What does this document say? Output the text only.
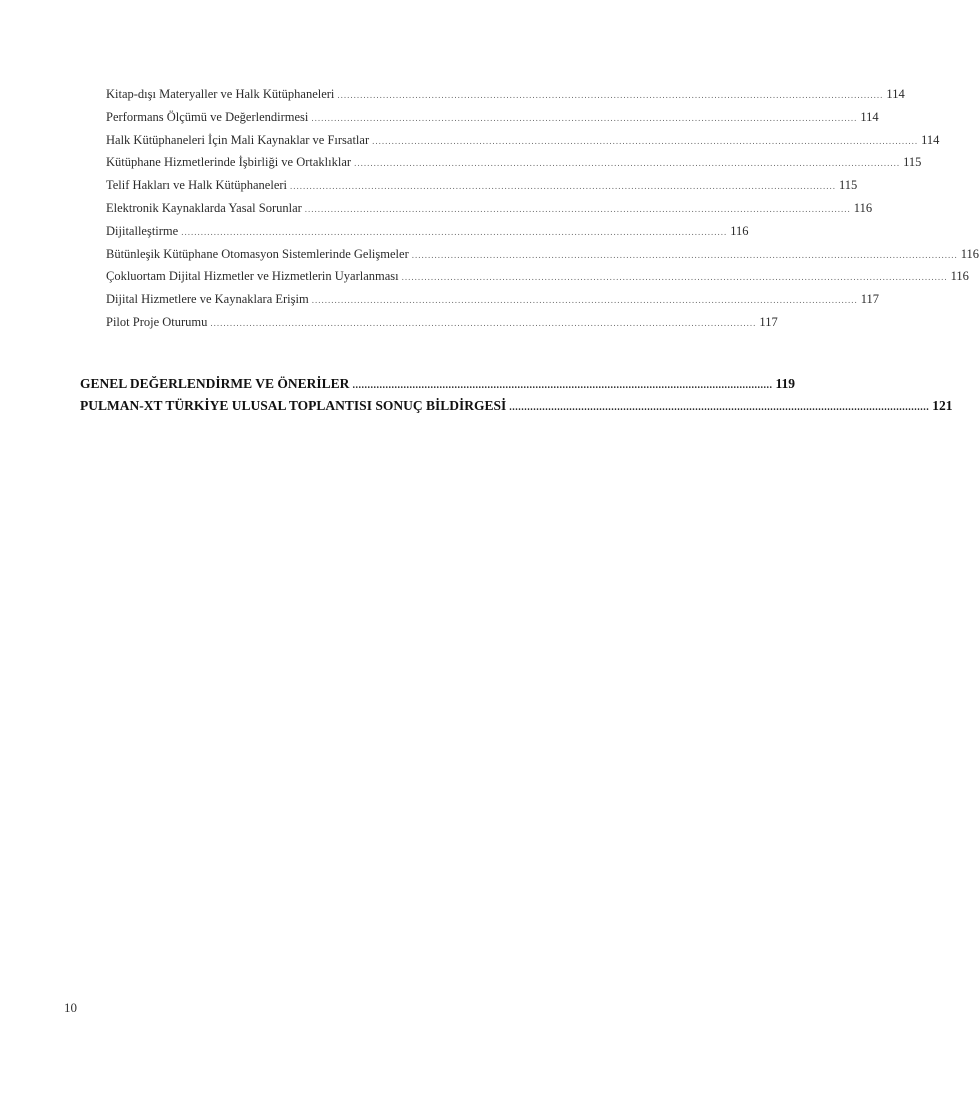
Kitap-dışı Materyaller ve Halk Kütüphaneleri ........................................................................................................................................................................ 114
Performans Ölçümü ve Değerlendirmesi ........................................................................................................................................................................ 114
Halk Kütüphaneleri İçin Mali Kaynaklar ve Fırsatlar ........................................................................................................................................................................ 114
Kütüphane Hizmetlerinde İşbirliği ve Ortaklıklar ........................................................................................................................................................................ 115
Telif Hakları ve Halk Kütüphaneleri ........................................................................................................................................................................ 115
Elektronik Kaynaklarda Yasal Sorunlar ........................................................................................................................................................................ 116
Dijitalleştirme ........................................................................................................................................................................ 116
Bütünleşik Kütüphane Otomasyon Sistemlerinde Gelişmeler ........................................................................................................................................................................ 116
Çokluortam Dijital Hizmetler ve Hizmetlerin Uyarlanması ........................................................................................................................................................................ 116
Dijital Hizmetlere ve Kaynaklara Erişim ........................................................................................................................................................................ 117
Pilot Proje Oturumu ........................................................................................................................................................................ 117
GENEL DEĞERLENDİRME VE ÖNERİLER ............................................................................................................................................ 119
PULMAN-XT TÜRKİYE ULUSAL TOPLANTISI SONUÇ BİLDİRGESİ ............................................................................................................................................ 121
10
